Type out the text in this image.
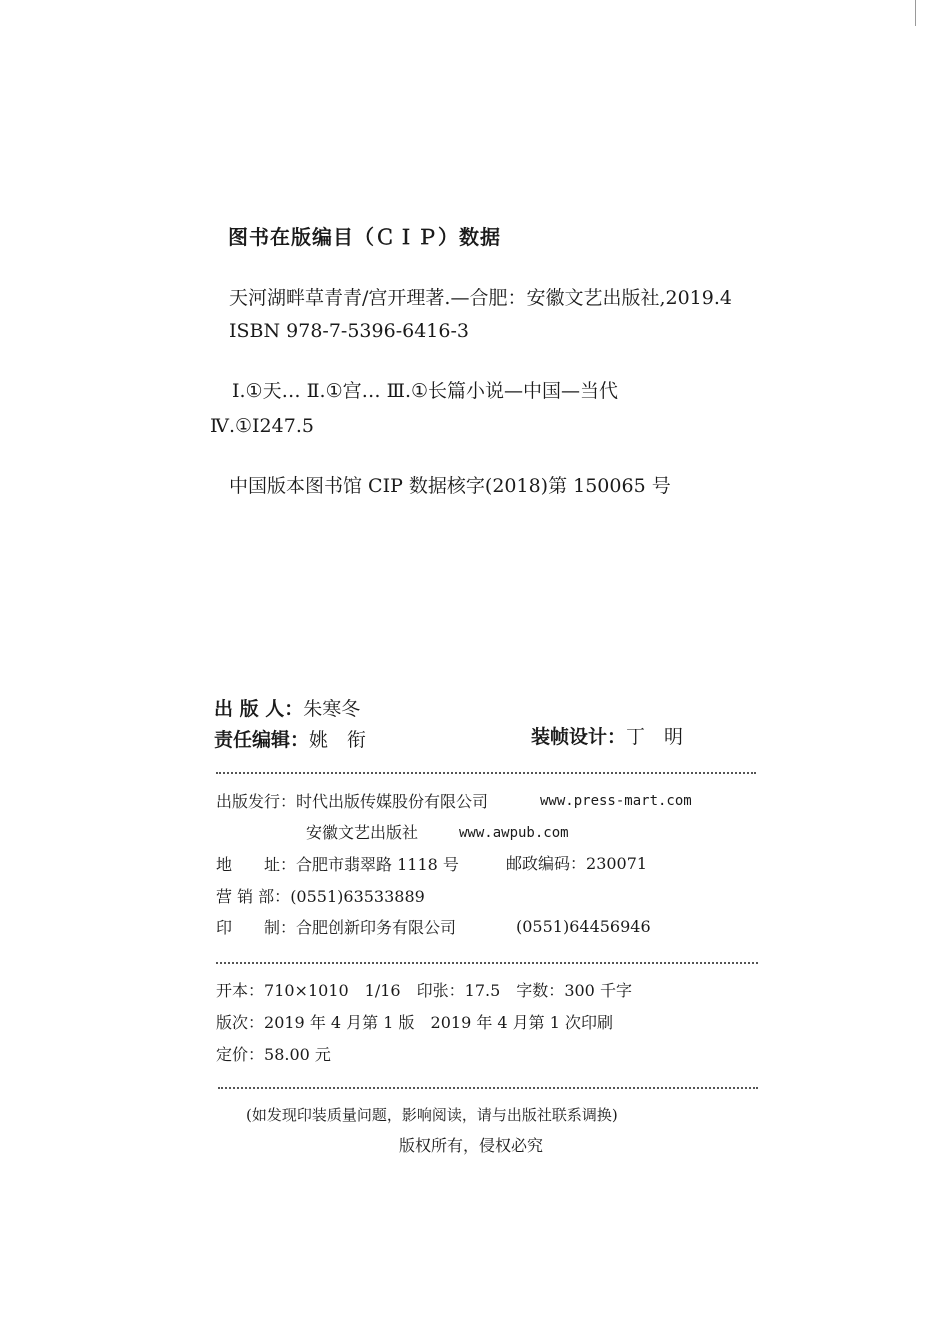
图书在版编目（ＣＩＰ）数据
天河湖畔草青青/宫开理著.—合肥：安徽文艺出版社,2019.4
ISBN 978-7-5396-6416-3
Ⅰ.①天… Ⅱ.①宫… Ⅲ.①长篇小说—中国—当代
Ⅳ.①I247.5
中国版本图书馆 CIP 数据核字(2018)第 150065 号
出 版 人：朱寒冬
责任编辑：姚　衔	装帧设计：丁　明
出版发行：时代出版传媒股份有限公司	www.press-mart.com
安徽文艺出版社	www.awpub.com
地　　址：合肥市翡翠路 1118 号	邮政编码：230071
营 销 部：(0551)63533889
印　　制：合肥创新印务有限公司	(0551)64456946
开本：710×1010　1/16　 印张：17.5　 字数：300 千字
版次：2019 年 4 月第 1 版　2019 年 4 月第 1 次印刷
定价：58.00 元
(如发现印装质量问题，影响阅读，请与出版社联系调换)
版权所有，侵权必究
